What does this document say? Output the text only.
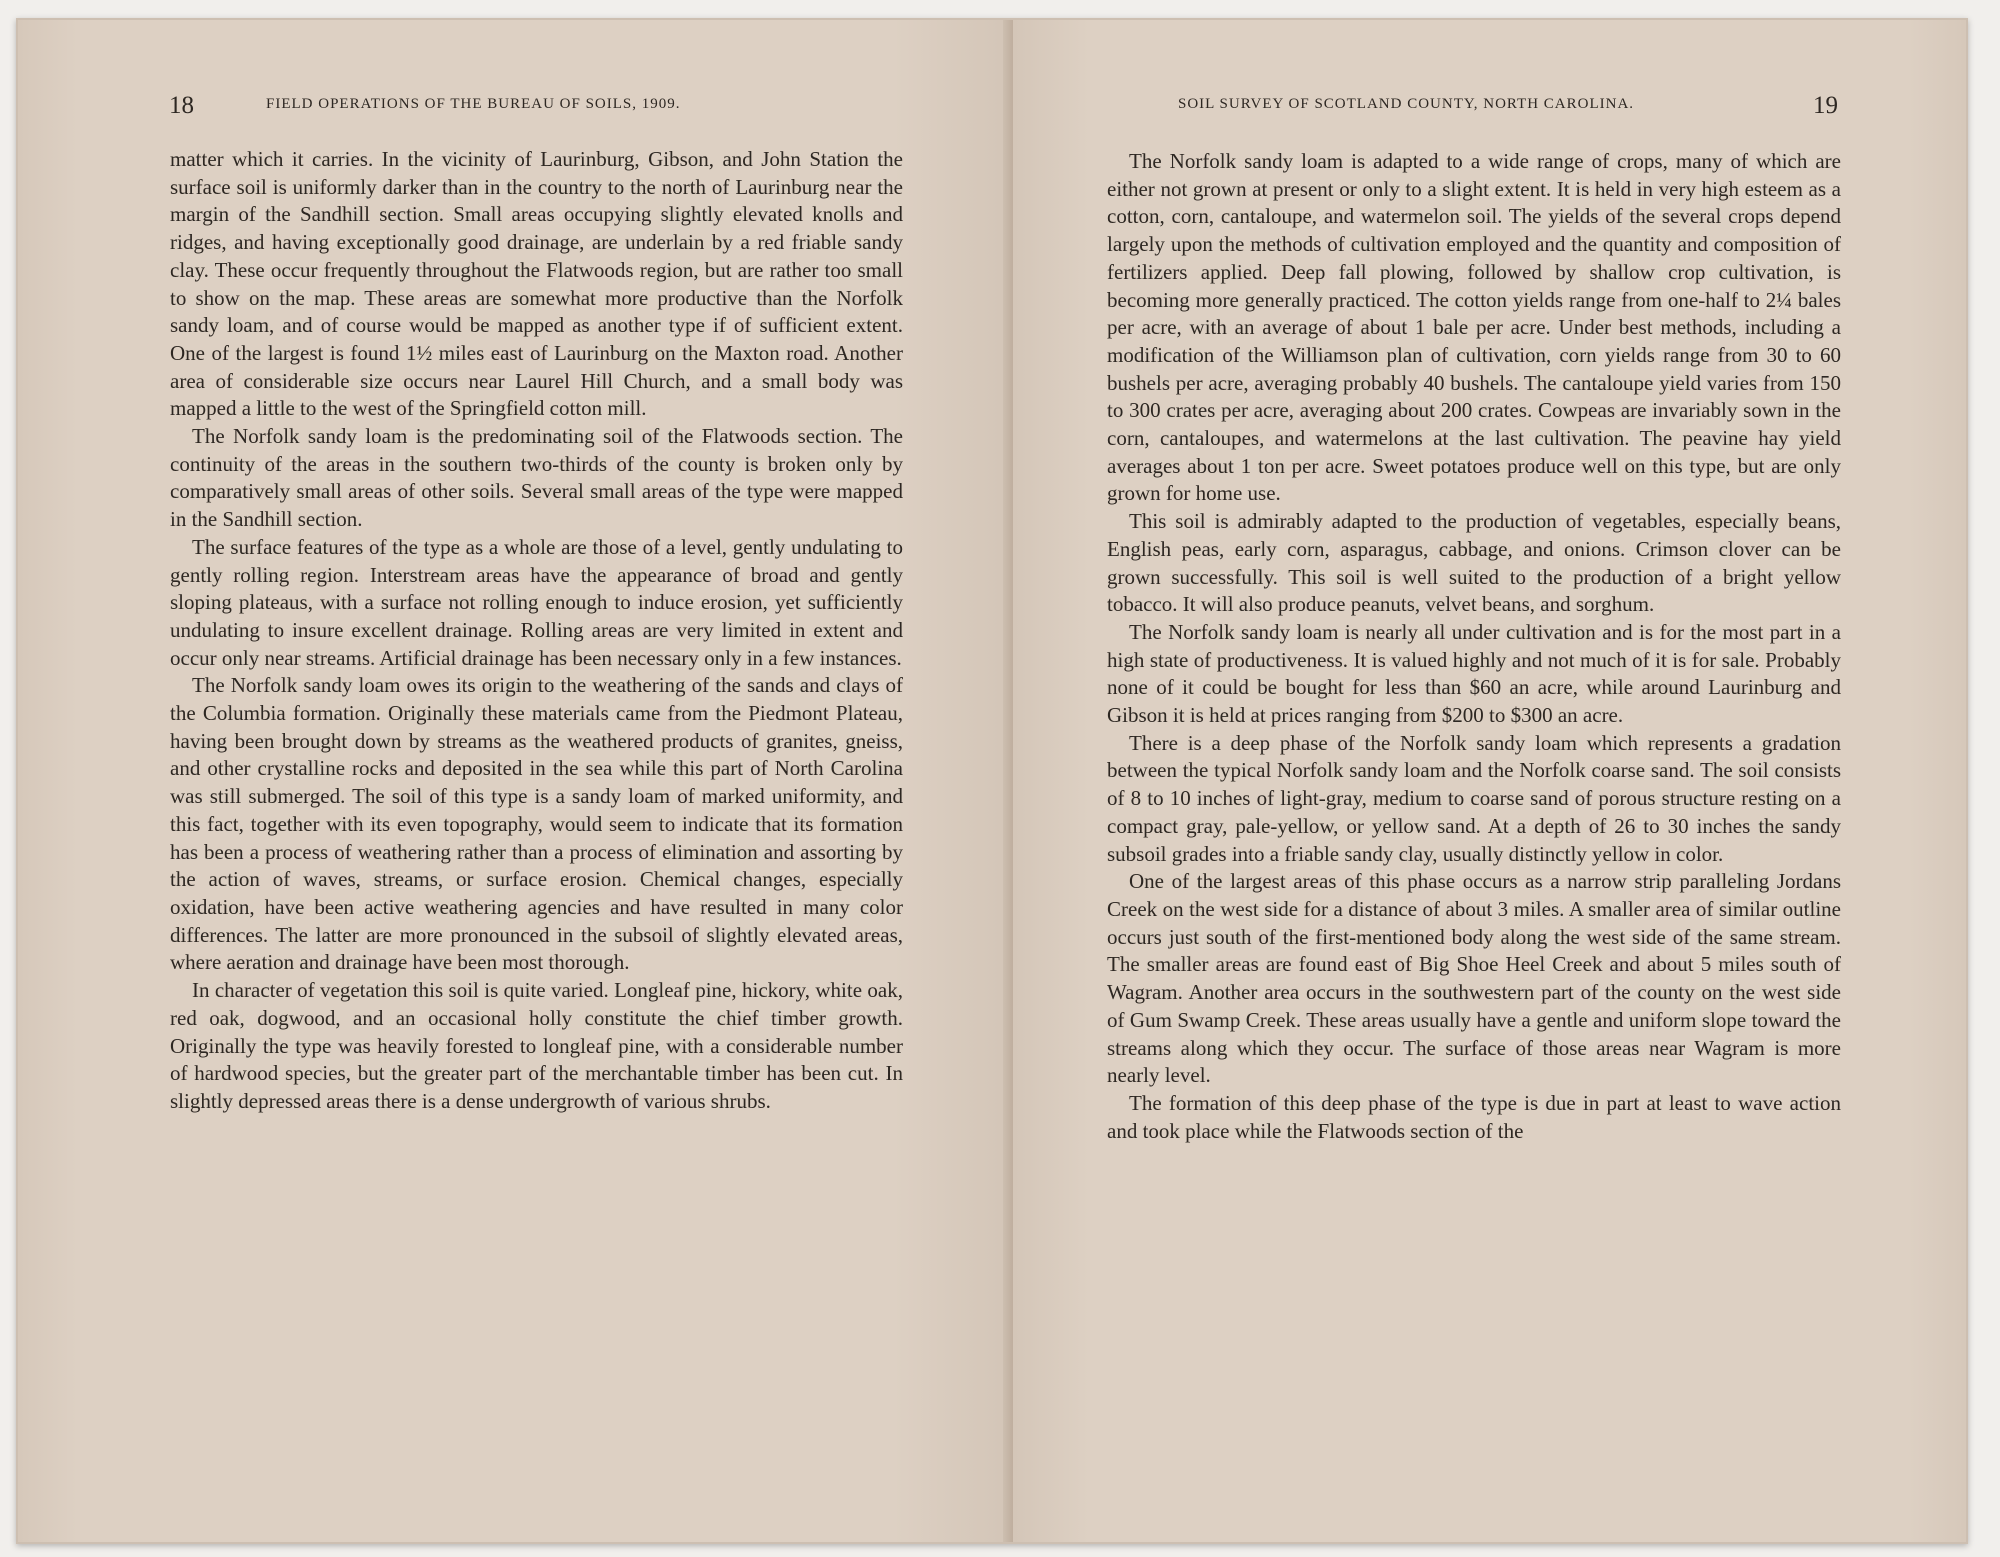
18	FIELD OPERATIONS OF THE BUREAU OF SOILS, 1909.

matter which it carries. In the vicinity of Laurinburg, Gibson, and John Station the surface soil is uniformly darker than in the country to the north of Laurinburg near the margin of the Sandhill section. Small areas occupying slightly elevated knolls and ridges, and having exceptionally good drainage, are underlain by a red friable sandy clay. These occur frequently throughout the Flatwoods region, but are rather too small to show on the map. These areas are somewhat more productive than the Norfolk sandy loam, and of course would be mapped as another type if of sufficient extent. One of the largest is found 1½ miles east of Laurinburg on the Maxton road. Another area of considerable size occurs near Laurel Hill Church, and a small body was mapped a little to the west of the Springfield cotton mill.

The Norfolk sandy loam is the predominating soil of the Flatwoods section. The continuity of the areas in the southern two-thirds of the county is broken only by comparatively small areas of other soils. Several small areas of the type were mapped in the Sandhill section.

The surface features of the type as a whole are those of a level, gently undulating to gently rolling region. Interstream areas have the appearance of broad and gently sloping plateaus, with a surface not rolling enough to induce erosion, yet sufficiently undulating to insure excellent drainage. Rolling areas are very limited in extent and occur only near streams. Artificial drainage has been necessary only in a few instances.

The Norfolk sandy loam owes its origin to the weathering of the sands and clays of the Columbia formation. Originally these materials came from the Piedmont Plateau, having been brought down by streams as the weathered products of granites, gneiss, and other crystalline rocks and deposited in the sea while this part of North Carolina was still submerged. The soil of this type is a sandy loam of marked uniformity, and this fact, together with its even topography, would seem to indicate that its formation has been a process of weathering rather than a process of elimination and assorting by the action of waves, streams, or surface erosion. Chemical changes, especially oxidation, have been active weathering agencies and have resulted in many color differences. The latter are more pronounced in the subsoil of slightly elevated areas, where aeration and drainage have been most thorough.

In character of vegetation this soil is quite varied. Longleaf pine, hickory, white oak, red oak, dogwood, and an occasional holly constitute the chief timber growth. Originally the type was heavily forested to longleaf pine, with a considerable number of hardwood species, but the greater part of the merchantable timber has been cut. In slightly depressed areas there is a dense undergrowth of various shrubs.

SOIL SURVEY OF SCOTLAND COUNTY, NORTH CAROLINA.	19

The Norfolk sandy loam is adapted to a wide range of crops, many of which are either not grown at present or only to a slight extent. It is held in very high esteem as a cotton, corn, cantaloupe, and watermelon soil. The yields of the several crops depend largely upon the methods of cultivation employed and the quantity and composition of fertilizers applied. Deep fall plowing, followed by shallow crop cultivation, is becoming more generally practiced. The cotton yields range from one-half to 2¼ bales per acre, with an average of about 1 bale per acre. Under best methods, including a modification of the Williamson plan of cultivation, corn yields range from 30 to 60 bushels per acre, averaging probably 40 bushels. The cantaloupe yield varies from 150 to 300 crates per acre, averaging about 200 crates. Cowpeas are invariably sown in the corn, cantaloupes, and watermelons at the last cultivation. The peavine hay yield averages about 1 ton per acre. Sweet potatoes produce well on this type, but are only grown for home use.

This soil is admirably adapted to the production of vegetables, especially beans, English peas, early corn, asparagus, cabbage, and onions. Crimson clover can be grown successfully. This soil is well suited to the production of a bright yellow tobacco. It will also produce peanuts, velvet beans, and sorghum.

The Norfolk sandy loam is nearly all under cultivation and is for the most part in a high state of productiveness. It is valued highly and not much of it is for sale. Probably none of it could be bought for less than $60 an acre, while around Laurinburg and Gibson it is held at prices ranging from $200 to $300 an acre.

There is a deep phase of the Norfolk sandy loam which represents a gradation between the typical Norfolk sandy loam and the Norfolk coarse sand. The soil consists of 8 to 10 inches of light-gray, medium to coarse sand of porous structure resting on a compact gray, pale-yellow, or yellow sand. At a depth of 26 to 30 inches the sandy subsoil grades into a friable sandy clay, usually distinctly yellow in color.

One of the largest areas of this phase occurs as a narrow strip paralleling Jordans Creek on the west side for a distance of about 3 miles. A smaller area of similar outline occurs just south of the first-mentioned body along the west side of the same stream. The smaller areas are found east of Big Shoe Heel Creek and about 5 miles south of Wagram. Another area occurs in the southwestern part of the county on the west side of Gum Swamp Creek. These areas usually have a gentle and uniform slope toward the streams along which they occur. The surface of those areas near Wagram is more nearly level.

The formation of this deep phase of the type is due in part at least to wave action and took place while the Flatwoods section of the
